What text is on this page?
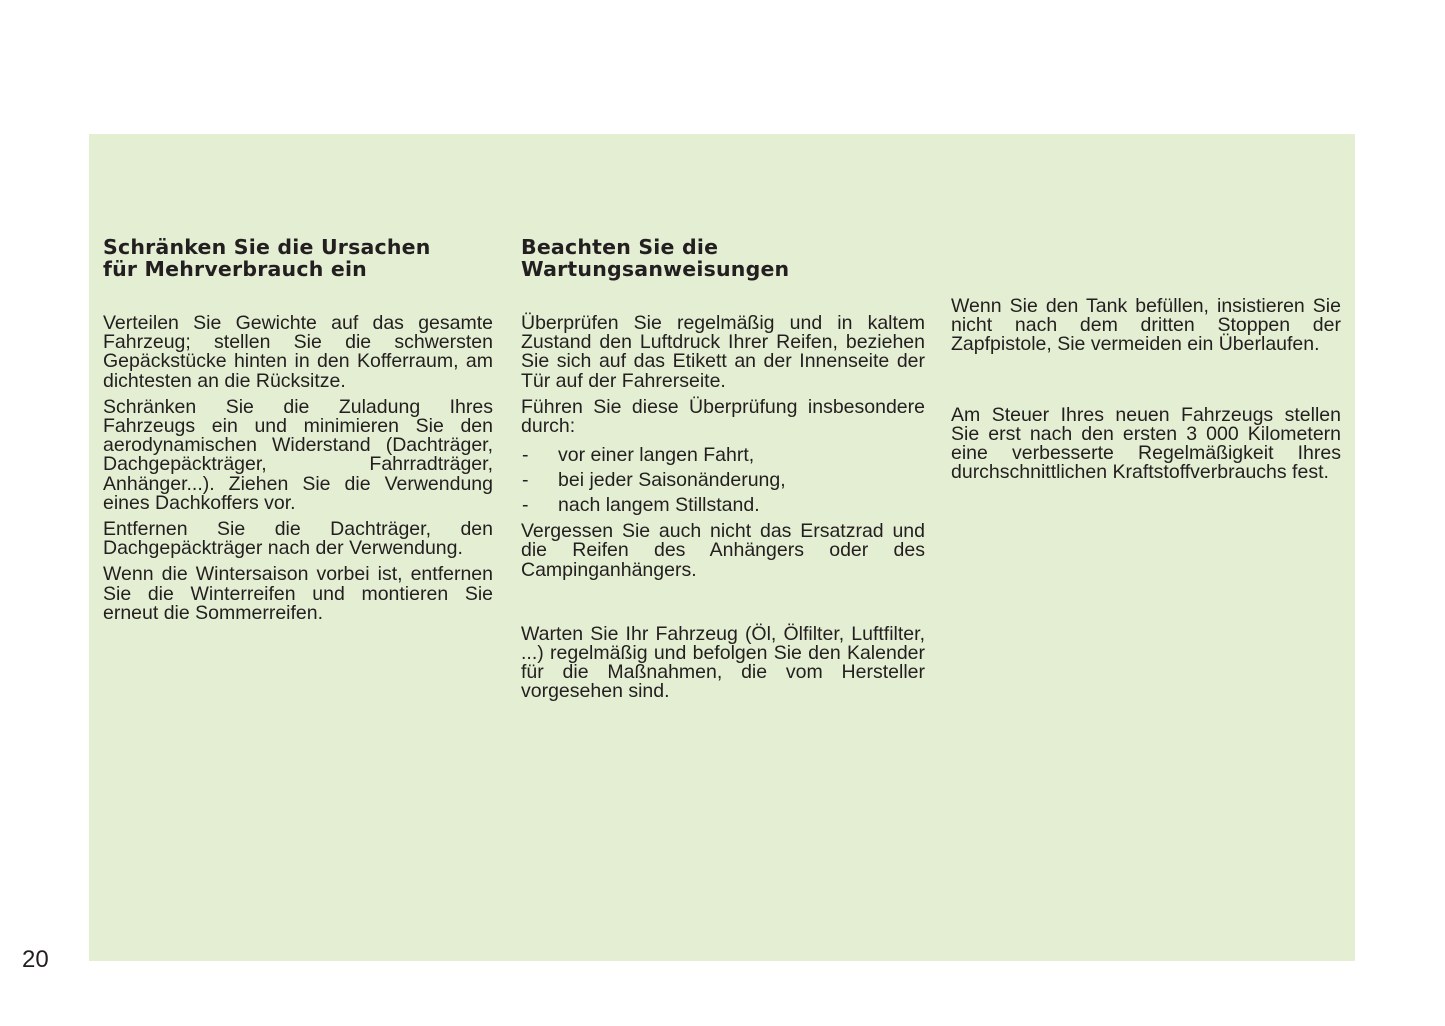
Schränken Sie die Ursachen
für Mehrverbrauch ein

Verteilen Sie Gewichte auf das gesamte Fahrzeug; stellen Sie die schwersten Gepäckstücke hinten in den Kofferraum, am dichtesten an die Rücksitze.

Schränken Sie die Zuladung Ihres Fahrzeugs ein und minimieren Sie den aerodynamischen Widerstand (Dachträger, Dachgepäckträger, Fahrradträger, Anhänger...). Ziehen Sie die Verwendung eines Dachkoffers vor.

Entfernen Sie die Dachträger, den Dachgepäckträger nach der Verwendung.

Wenn die Wintersaison vorbei ist, entfernen Sie die Winterreifen und montieren Sie erneut die Sommerreifen.

Beachten Sie die
Wartungsanweisungen

Überprüfen Sie regelmäßig und in kaltem Zustand den Luftdruck Ihrer Reifen, beziehen Sie sich auf das Etikett an der Innenseite der Tür auf der Fahrerseite.

Führen Sie diese Überprüfung insbesondere durch:

- vor einer langen Fahrt,
- bei jeder Saisonänderung,
- nach langem Stillstand.

Vergessen Sie auch nicht das Ersatzrad und die Reifen des Anhängers oder des Campinganhängers.

Warten Sie Ihr Fahrzeug (Öl, Ölfilter, Luftfilter, ...) regelmäßig und befolgen Sie den Kalender für die Maßnahmen, die vom Hersteller vorgesehen sind.

Wenn Sie den Tank befüllen, insistieren Sie nicht nach dem dritten Stoppen der Zapfpistole, Sie vermeiden ein Überlaufen.

Am Steuer Ihres neuen Fahrzeugs stellen Sie erst nach den ersten 3 000 Kilometern eine verbesserte Regelmäßigkeit Ihres durchschnittlichen Kraftstoffverbrauchs fest.

20
